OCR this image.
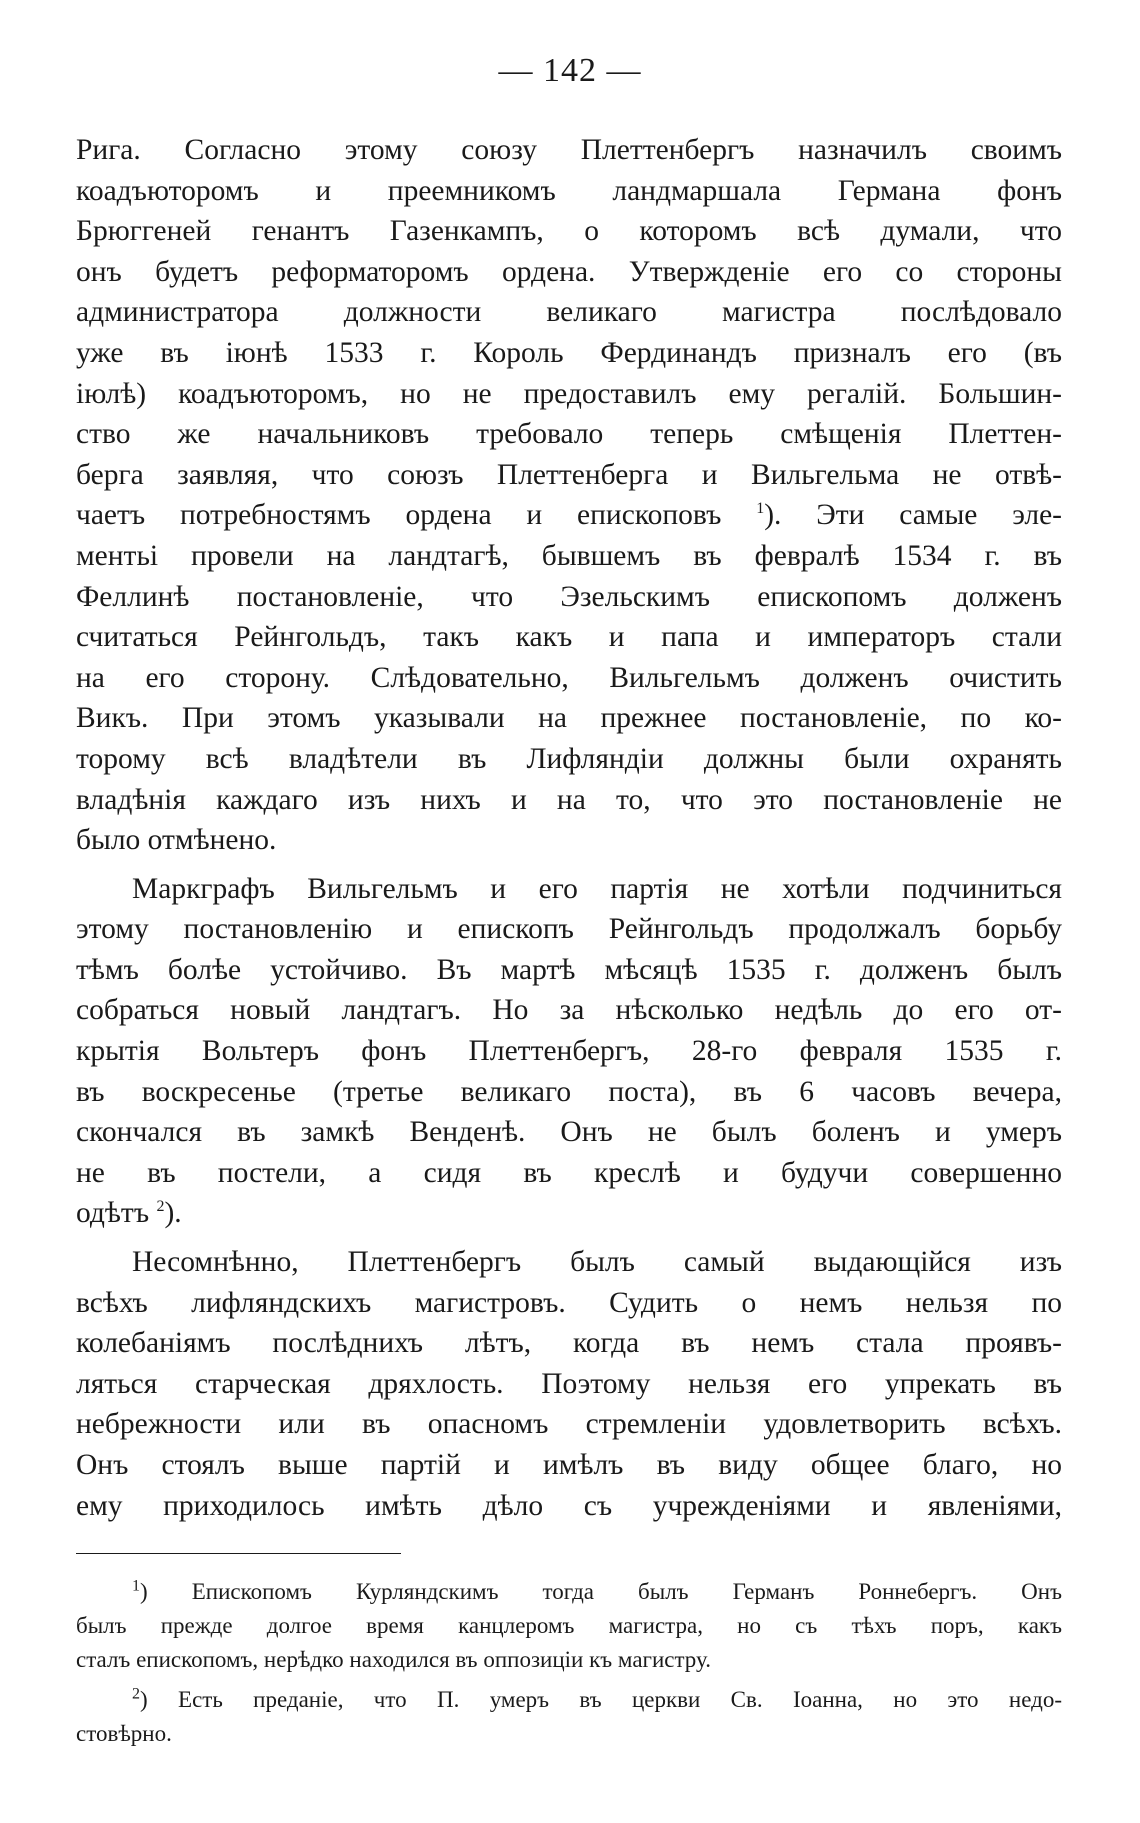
— 142 —
Рига. Согласно этому союзу Плеттенбергъ назначилъ своимъ
коадъюторомъ и преемникомъ ландмаршала Германа фонъ
Брюггеней генантъ Газенкампъ, о которомъ всѣ думали, что
онъ будетъ реформаторомъ ордена. Утвержденіе его со стороны
администратора должности великаго магистра послѣдовало
уже въ іюнѣ 1533 г. Король Фердинандъ призналъ его (въ
іюлѣ) коадъюторомъ, но не предоставилъ ему регалій. Большин-
ство же начальниковъ требовало теперь смѣщенія Плеттен-
берга заявляя, что союзъ Плеттенберга и Вильгельма не отвѣ-
чаетъ потребностямъ ордена и епископовъ $^1$). Эти самые эле-
ментьі провели на ландтагѣ, бывшемъ въ февралѣ 1534 г. въ
Феллинѣ постановленіе, что Эзельскимъ епископомъ долженъ
считаться Рейнгольдъ, такъ какъ и папа и императоръ стали
на его сторону. Слѣдовательно, Вильгельмъ долженъ очистить
Викъ. При этомъ указывали на прежнее постановленіе, по ко-
торому всѣ владѣтели въ Лифляндіи должны были охранять
владѣнія каждаго изъ нихъ и на то, что это постановленіе не
было отмѣнено.
Маркграфъ Вильгельмъ и его партія не хотѣли подчиниться
этому постановленію и епископъ Рейнгольдъ продолжалъ борьбу
тѣмъ болѣе устойчиво. Въ мартѣ мѣсяцѣ 1535 г. долженъ былъ
собраться новый ландтагъ. Но за нѣсколько недѣль до его от-
крытія Вольтеръ фонъ Плеттенбергъ, 28-го февраля 1535 г.
въ воскресенье (третье великаго поста), въ 6 часовъ вечера,
скончался въ замкѣ Венденѣ. Онъ не былъ боленъ и умеръ
не въ постели, а сидя въ креслѣ и будучи совершенно
одѣтъ $^2$).
Несомнѣнно, Плеттенбергъ былъ самый выдающійся изъ
всѣхъ лифляндскихъ магистровъ. Судить о немъ нельзя по
колебаніямъ послѣднихъ лѣтъ, когда въ немъ стала проявъ-
ляться старческая дряхлость. Поэтому нельзя его упрекать въ
небрежности или въ опасномъ стремленіи удовлетворить всѣхъ.
Онъ стоялъ выше партій и имѣлъ въ виду общее благо, но
ему приходилось имѣть дѣло съ учрежденіями и явленіями,
$^1$) Епископомъ Курляндскимъ тогда былъ Германъ Роннебергъ. Онъ
былъ прежде долгое время канцлеромъ магистра, но съ тѣхъ поръ, какъ
сталъ епископомъ, нерѣдко находился въ оппозиціи къ магистру.
$^2$) Есть преданіе, что П. умеръ въ церкви Св. Іоанна, но это недо-
стовѣрно.
